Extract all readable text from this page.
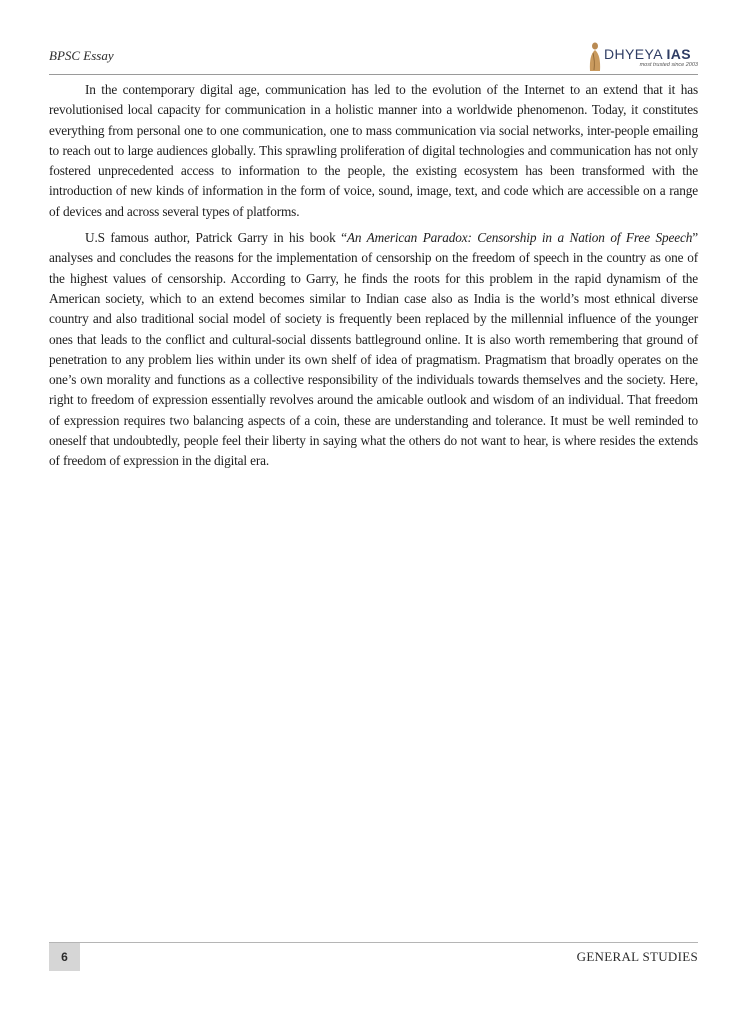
BPSC Essay	DHYEYA IAS
most trusted since 2003

In the contemporary digital age, communication has led to the evolution of the Internet to an extend that it has revolutionised local capacity for communication in a holistic manner into a worldwide phenomenon. Today, it constitutes everything from personal one to one communication, one to mass communication via social networks, inter-people emailing to reach out to large audiences globally. This sprawling proliferation of digital technologies and communication has not only fostered unprecedented access to information to the people, the existing ecosystem has been transformed with the introduction of new kinds of information in the form of voice, sound, image, text, and code which are accessible on a range of devices and across several types of platforms.

U.S famous author, Patrick Garry in his book “An American Paradox: Censorship in a Nation of Free Speech” analyses and concludes the reasons for the implementation of censorship on the freedom of speech in the country as one of the highest values of censorship. According to Garry, he finds the roots for this problem in the rapid dynamism of the American society, which to an extend becomes similar to Indian case also as India is the world’s most ethnical diverse country and also traditional social model of society is frequently been replaced by the millennial influence of the younger ones that leads to the conflict and cultural-social dissents battleground online. It is also worth remembering that ground of penetration to any problem lies within under its own shelf of idea of pragmatism. Pragmatism that broadly operates on the one’s own morality and functions as a collective responsibility of the individuals towards themselves and the society. Here, right to freedom of expression essentially revolves around the amicable outlook and wisdom of an individual. That freedom of expression requires two balancing aspects of a coin, these are understanding and tolerance. It must be well reminded to oneself that undoubtedly, people feel their liberty in saying what the others do not want to hear, is where resides the extends of freedom of expression in the digital era.

6	GENERAL STUDIES
